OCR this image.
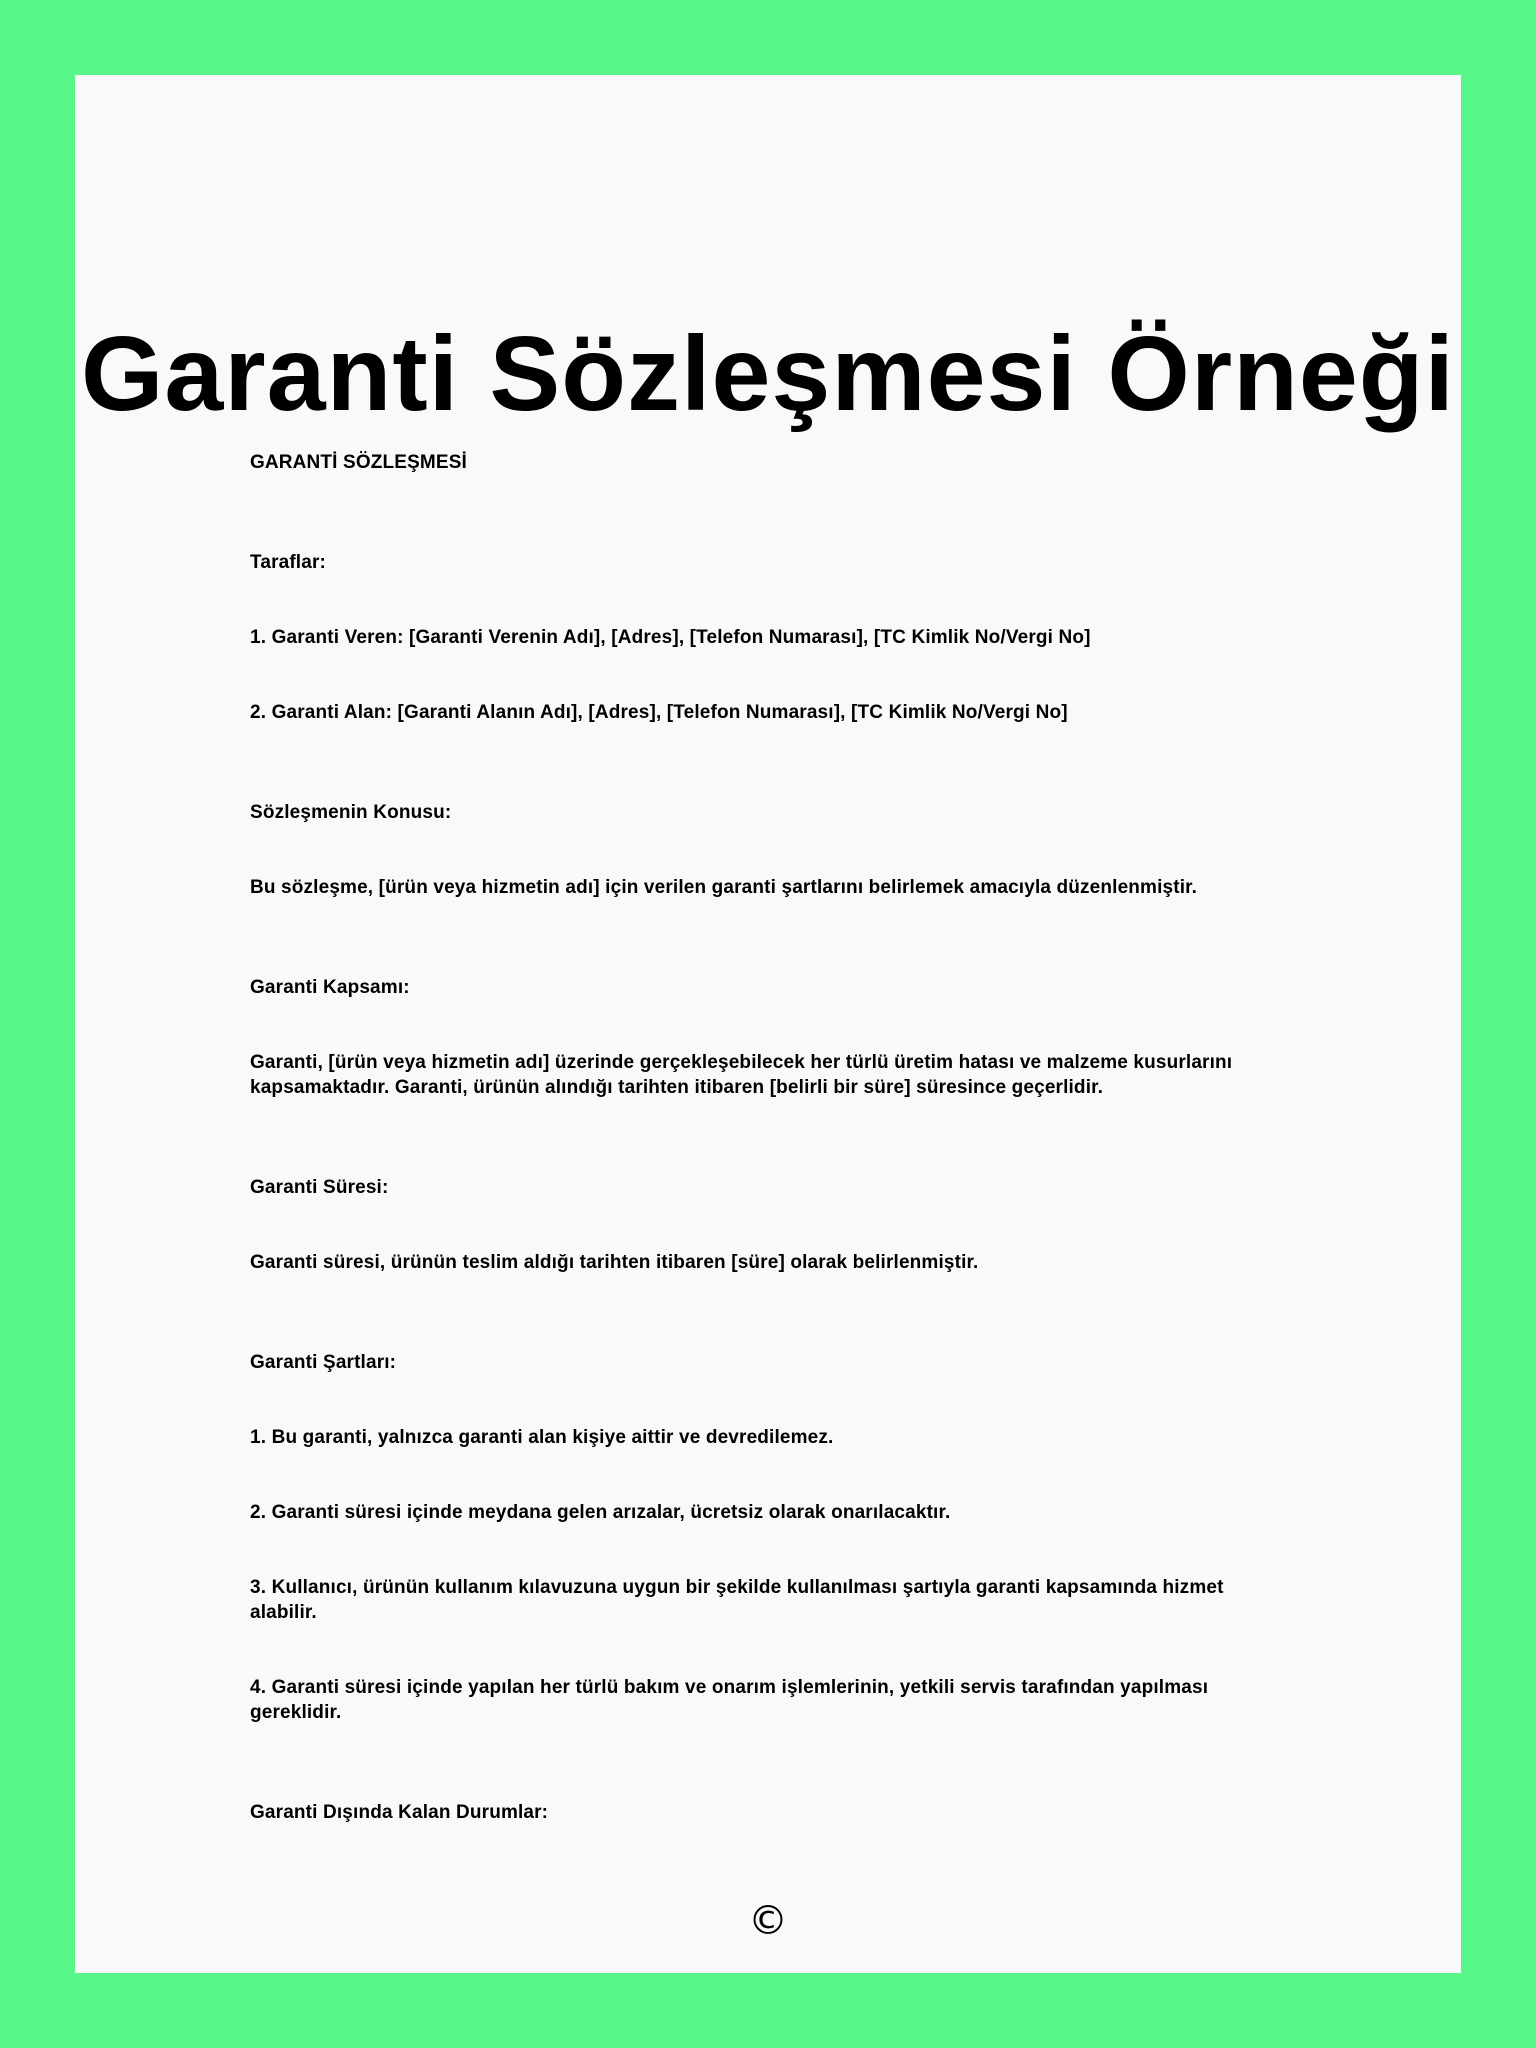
Garanti Sözleşmesi Örneği

GARANTİ SÖZLEŞMESİ

Taraflar:

1. Garanti Veren: [Garanti Verenin Adı], [Adres], [Telefon Numarası], [TC Kimlik No/Vergi No]

2. Garanti Alan: [Garanti Alanın Adı], [Adres], [Telefon Numarası], [TC Kimlik No/Vergi No]

Sözleşmenin Konusu:

Bu sözleşme, [ürün veya hizmetin adı] için verilen garanti şartlarını belirlemek amacıyla düzenlenmiştir.

Garanti Kapsamı:

Garanti, [ürün veya hizmetin adı] üzerinde gerçekleşebilecek her türlü üretim hatası ve malzeme kusurlarını kapsamaktadır. Garanti, ürünün alındığı tarihten itibaren [belirli bir süre] süresince geçerlidir.

Garanti Süresi:

Garanti süresi, ürünün teslim aldığı tarihten itibaren [süre] olarak belirlenmiştir.

Garanti Şartları:

1. Bu garanti, yalnızca garanti alan kişiye aittir ve devredilemez.

2. Garanti süresi içinde meydana gelen arızalar, ücretsiz olarak onarılacaktır.

3. Kullanıcı, ürünün kullanım kılavuzuna uygun bir şekilde kullanılması şartıyla garanti kapsamında hizmet alabilir.

4. Garanti süresi içinde yapılan her türlü bakım ve onarım işlemlerinin, yetkili servis tarafından yapılması gereklidir.

Garanti Dışında Kalan Durumlar:

©
